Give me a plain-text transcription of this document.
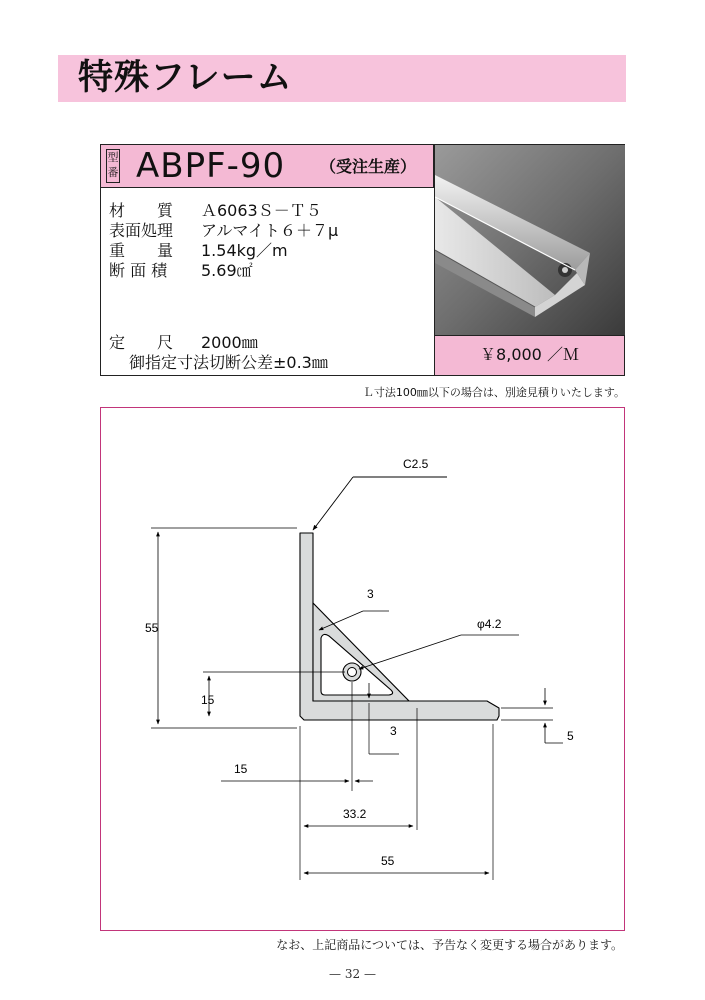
特殊フレーム
型番 ABPF-90 （受注生産）
材　　質 Ａ6063Ｓ－Ｔ５
表面処理 アルマイト６＋７μ
重　　量 1.54kg／m
断 面 積 5.69㎠
定　　尺 2000㎜
御指定寸法切断公差±0.3㎜	￥8,000 ／Ｍ
Ｌ寸法100㎜以下の場合は、別途見積りいたします。
C2.5
55
3
φ4.2
15
3	5
15
33.2
55
なお、上記商品については、予告なく変更する場合があります。
— 32 —
